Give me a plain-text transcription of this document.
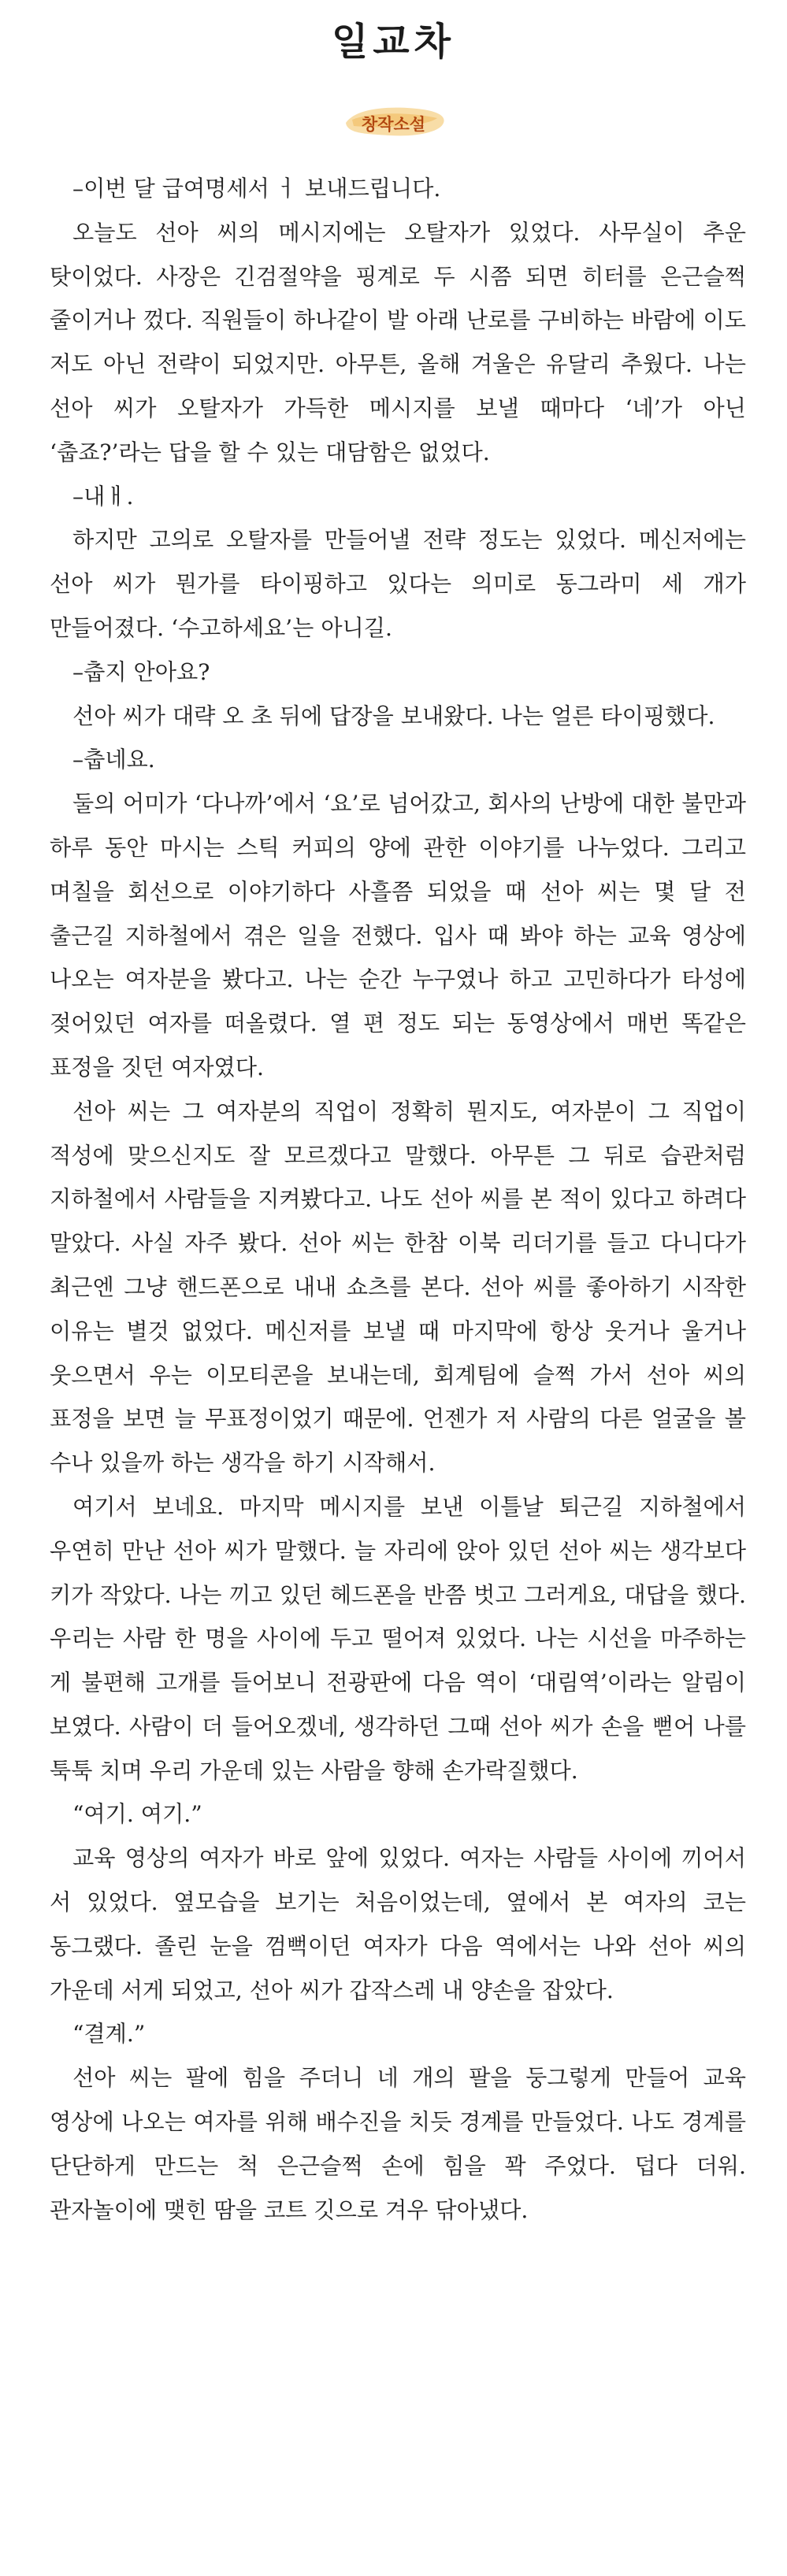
일교차
창작소설

–이번 달 급여명세서 ㅓ 보내드립니다.

오늘도 선아 씨의 메시지에는 오탈자가 있었다. 사무실이 추운 탓이었다. 사장은 긴검절약을 핑계로 두 시쯤 되면 히터를 은근슬쩍 줄이거나 껐다. 직원들이 하나같이 발 아래 난로를 구비하는 바람에 이도 저도 아닌 전략이 되었지만. 아무튼, 올해 겨울은 유달리 추웠다. 나는 선아 씨가 오탈자가 가득한 메시지를 보낼 때마다 ‘네’가 아닌 ‘춥죠?’라는 답을 할 수 있는 대담함은 없었다.

–내ㅐ.

하지만 고의로 오탈자를 만들어낼 전략 정도는 있었다. 메신저에는 선아 씨가 뭔가를 타이핑하고 있다는 의미로 동그라미 세 개가 만들어졌다. ‘수고하세요’는 아니길.

–춥지 안아요?

선아 씨가 대략 오 초 뒤에 답장을 보내왔다. 나는 얼른 타이핑했다.

–춥네요.

둘의 어미가 ‘다나까’에서 ‘요’로 넘어갔고, 회사의 난방에 대한 불만과 하루 동안 마시는 스틱 커피의 양에 관한 이야기를 나누었다. 그리고 며칠을 회선으로 이야기하다 사흘쯤 되었을 때 선아 씨는 몇 달 전 출근길 지하철에서 겪은 일을 전했다. 입사 때 봐야 하는 교육 영상에 나오는 여자분을 봤다고. 나는 순간 누구였나 하고 고민하다가 타성에 젖어있던 여자를 떠올렸다. 열 편 정도 되는 동영상에서 매번 똑같은 표정을 짓던 여자였다.

선아 씨는 그 여자분의 직업이 정확히 뭔지도, 여자분이 그 직업이 적성에 맞으신지도 잘 모르겠다고 말했다. 아무튼 그 뒤로 습관처럼 지하철에서 사람들을 지켜봤다고. 나도 선아 씨를 본 적이 있다고 하려다 말았다. 사실 자주 봤다. 선아 씨는 한참 이북 리더기를 들고 다니다가 최근엔 그냥 핸드폰으로 내내 쇼츠를 본다. 선아 씨를 좋아하기 시작한 이유는 별것 없었다. 메신저를 보낼 때 마지막에 항상 웃거나 울거나 웃으면서 우는 이모티콘을 보내는데, 회계팀에 슬쩍 가서 선아 씨의 표정을 보면 늘 무표정이었기 때문에. 언젠가 저 사람의 다른 얼굴을 볼 수나 있을까 하는 생각을 하기 시작해서.

여기서 보네요. 마지막 메시지를 보낸 이틀날 퇴근길 지하철에서 우연히 만난 선아 씨가 말했다. 늘 자리에 앉아 있던 선아 씨는 생각보다 키가 작았다. 나는 끼고 있던 헤드폰을 반쯤 벗고 그러게요, 대답을 했다. 우리는 사람 한 명을 사이에 두고 떨어져 있었다. 나는 시선을 마주하는 게 불편해 고개를 들어보니 전광판에 다음 역이 ‘대림역’이라는 알림이 보였다. 사람이 더 들어오겠네, 생각하던 그때 선아 씨가 손을 뻗어 나를 툭툭 치며 우리 가운데 있는 사람을 향해 손가락질했다.

“여기. 여기.”

교육 영상의 여자가 바로 앞에 있었다. 여자는 사람들 사이에 끼어서 서 있었다. 옆모습을 보기는 처음이었는데, 옆에서 본 여자의 코는 동그랬다. 졸린 눈을 껌뻑이던 여자가 다음 역에서는 나와 선아 씨의 가운데 서게 되었고, 선아 씨가 갑작스레 내 양손을 잡았다.

“결계.”

선아 씨는 팔에 힘을 주더니 네 개의 팔을 둥그렇게 만들어 교육 영상에 나오는 여자를 위해 배수진을 치듯 경계를 만들었다. 나도 경계를 단단하게 만드는 척 은근슬쩍 손에 힘을 꽉 주었다. 덥다 더워. 관자놀이에 맺힌 땀을 코트 깃으로 겨우 닦아냈다.
